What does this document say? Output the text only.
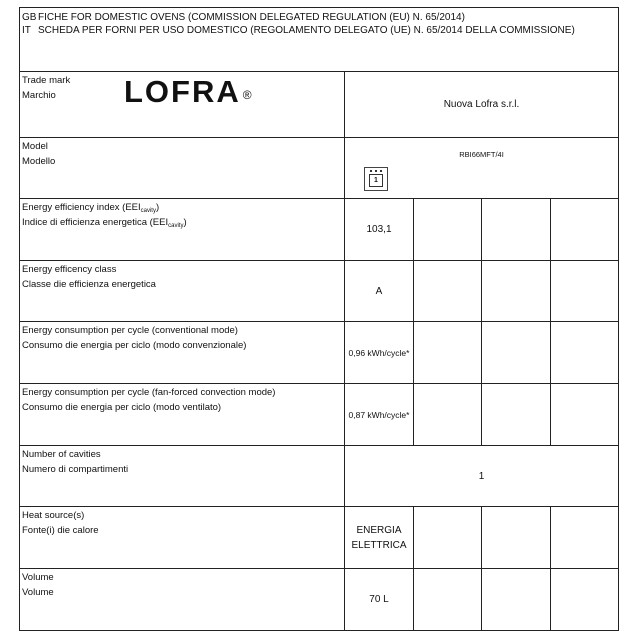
GB FICHE FOR DOMESTIC OVENS (COMMISSION DELEGATED REGULATION (EU) N. 65/2014)
IT SCHEDA PER FORNI PER USO DOMESTICO (REGOLAMENTO DELEGATO (UE) N. 65/2014 DELLA COMMISSIONE)
Trade mark
Marchio	LOFRA ®
Nuova Lofra s.r.l.
Model
Modello
RBI66MFT/4I
1
Energy efficiency index $(EEI_{cavity})$
Indice di efficienza energetica $(EEI_{cavity})$
103,1
Energy efficency class
Classe die efficienza energetica
A
Energy consumption per cycle (conventional mode)
Consumo die energia per ciclo (modo convenzionale)
0,96 kWh/cycle*
Energy consumption per cycle (fan-forced convection mode)
Consumo die energia per ciclo (modo ventilato)
0,87 kWh/cycle*
Number of cavities
Numero di compartimenti
1
Heat source(s)
Fonte(i) die calore	ENERGIA
ELETTRICA
Volume
Volume
70 L
